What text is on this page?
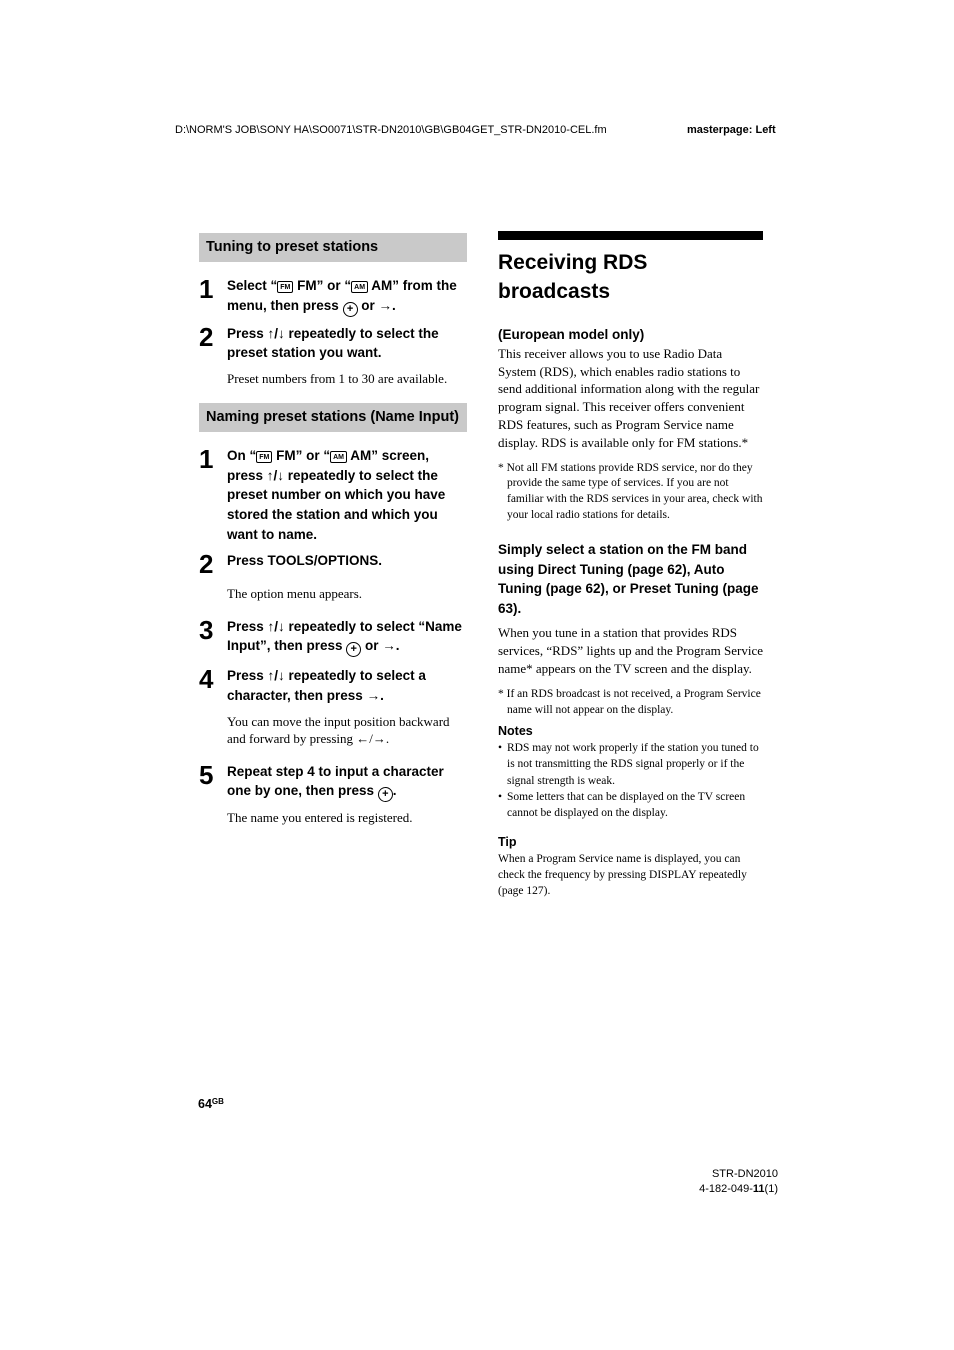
D:\NORM'S JOB\SONY HA\SO0071\STR-DN2010\GB\GB04GET_STR-DN2010-CEL.fm	masterpage: Left
Tuning to preset stations
1	Select “ FM FM” or “ AM AM” from the menu, then press + or →.
2	Press ↑/↓ repeatedly to select the preset station you want.
Preset numbers from 1 to 30 are available.
Naming preset stations (Name Input)
1	On “ FM FM” or “ AM AM” screen, press ↑/↓ repeatedly to select the preset number on which you have stored the station and which you want to name.
2	Press TOOLS/OPTIONS.
The option menu appears.
3	Press ↑/↓ repeatedly to select “Name Input”, then press + or →.
4	Press ↑/↓ repeatedly to select a character, then press →.
You can move the input position backward and forward by pressing ←/→.
5	Repeat step 4 to input a character one by one, then press + .
The name you entered is registered.
Receiving RDS broadcasts
(European model only)
This receiver allows you to use Radio Data System (RDS), which enables radio stations to send additional information along with the regular program signal. This receiver offers convenient RDS features, such as Program Service name display. RDS is available only for FM stations.*
* Not all FM stations provide RDS service, nor do they provide the same type of services. If you are not familiar with the RDS services in your area, check with your local radio stations for details.
Simply select a station on the FM band using Direct Tuning (page 62), Auto Tuning (page 62), or Preset Tuning (page 63).
When you tune in a station that provides RDS services, “RDS” lights up and the Program Service name* appears on the TV screen and the display.
* If an RDS broadcast is not received, a Program Service name will not appear on the display.
Notes
• RDS may not work properly if the station you tuned to is not transmitting the RDS signal properly or if the signal strength is weak.
• Some letters that can be displayed on the TV screen cannot be displayed on the display.
Tip
When a Program Service name is displayed, you can check the frequency by pressing DISPLAY repeatedly (page 127).
$64^{GB}$
STR-DN2010
4-182-049-11(1)
